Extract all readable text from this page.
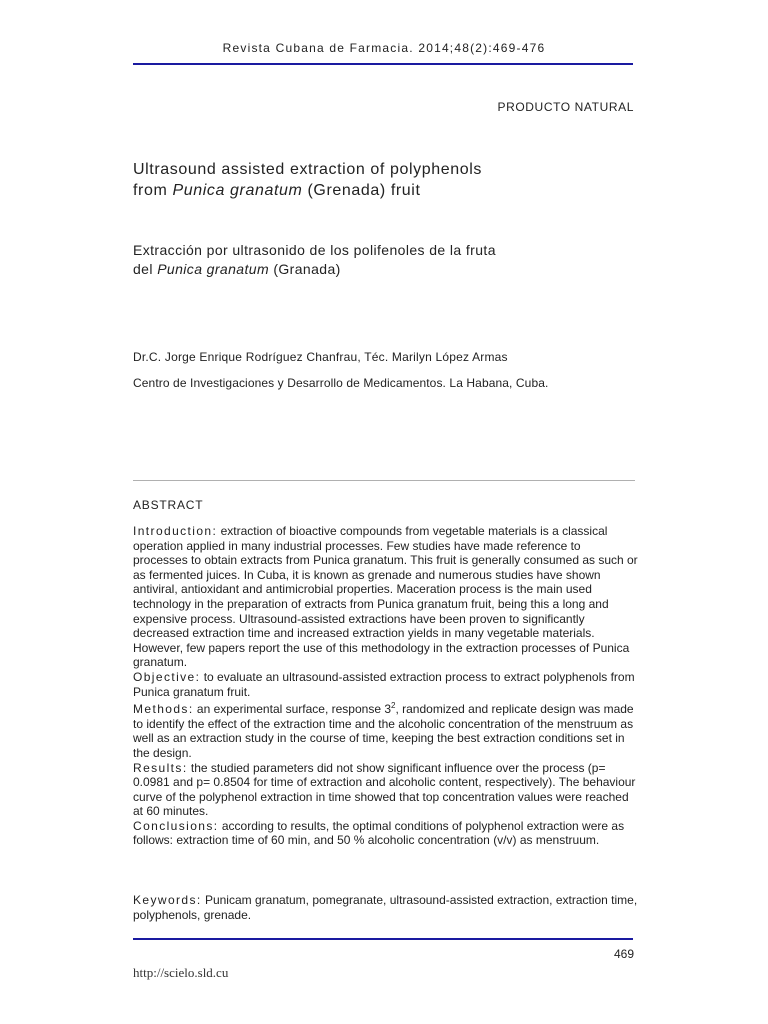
Revista Cubana de Farmacia. 2014;48(2):469-476
PRODUCTO NATURAL
Ultrasound assisted extraction of polyphenols
from Punica granatum (Grenada) fruit
Extracción por ultrasonido de los polifenoles de la fruta
del Punica granatum (Granada)
Dr.C. Jorge Enrique Rodríguez Chanfrau, Téc. Marilyn López Armas
Centro de Investigaciones y Desarrollo de Medicamentos. La Habana, Cuba.
ABSTRACT

Introduction: extraction of bioactive compounds from vegetable materials is a classical operation applied in many industrial processes. Few studies have made reference to processes to obtain extracts from Punica granatum. This fruit is generally consumed as such or as fermented juices. In Cuba, it is known as grenade and numerous studies have shown antiviral, antioxidant and antimicrobial properties. Maceration process is the main used technology in the preparation of extracts from Punica granatum fruit, being this a long and expensive process. Ultrasound-assisted extractions have been proven to significantly decreased extraction time and increased extraction yields in many vegetable materials. However, few papers report the use of this methodology in the extraction processes of Punica granatum.

Objective: to evaluate an ultrasound-assisted extraction process to extract polyphenols from Punica granatum fruit.

Methods: an experimental surface, response $3^2$, randomized and replicate design was made to identify the effect of the extraction time and the alcoholic concentration of the menstruum as well as an extraction study in the course of time, keeping the best extraction conditions set in the design.

Results: the studied parameters did not show significant influence over the process (p= 0.0981 and p= 0.8504 for time of extraction and alcoholic content, respectively). The behaviour curve of the polyphenol extraction in time showed that top concentration values were reached at 60 minutes.

Conclusions: according to results, the optimal conditions of polyphenol extraction were as follows: extraction time of 60 min, and 50 % alcoholic concentration (v/v) as menstruum.

Keywords: Punicam granatum, pomegranate, ultrasound-assisted extraction, extraction time, polyphenols, grenade.
469
http://scielo.sld.cu
